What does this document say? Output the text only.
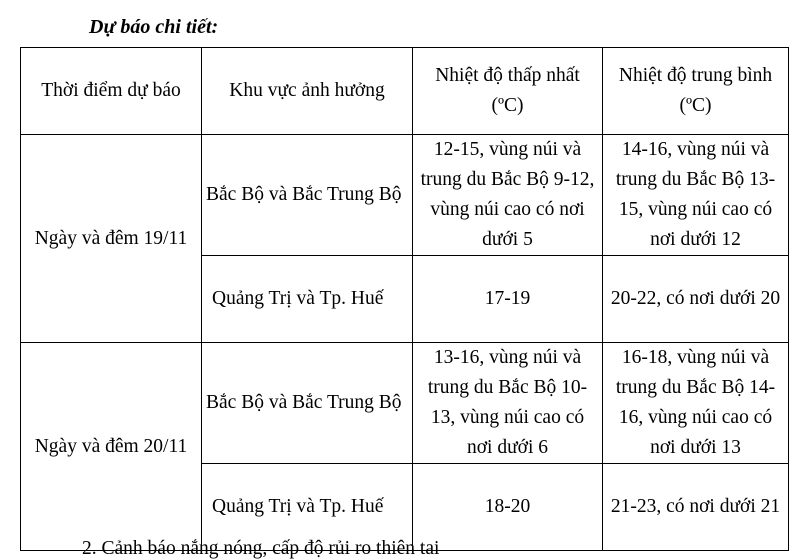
Dự báo chi tiết:
Thời điểm dự báo	Khu vực ảnh hưởng	Nhiệt độ thấp nhất (ºC)	Nhiệt độ trung bình (ºC)
Ngày và đêm 19/11	Bắc Bộ và Bắc Trung Bộ	12-15, vùng núi và trung du Bắc Bộ 9-12, vùng núi cao có nơi dưới 5	14-16, vùng núi và trung du Bắc Bộ 13-15, vùng núi cao có nơi dưới 12
	Quảng Trị và Tp. Huế	17-19	20-22, có nơi dưới 20
Ngày và đêm 20/11	Bắc Bộ và Bắc Trung Bộ	13-16, vùng núi và trung du Bắc Bộ 10-13, vùng núi cao có nơi dưới 6	16-18, vùng núi và trung du Bắc Bộ 14-16, vùng núi cao có nơi dưới 13
	Quảng Trị và Tp. Huế	18-20	21-23, có nơi dưới 21
2. Cảnh báo nắng nóng, cấp độ rủi ro thiên tai
